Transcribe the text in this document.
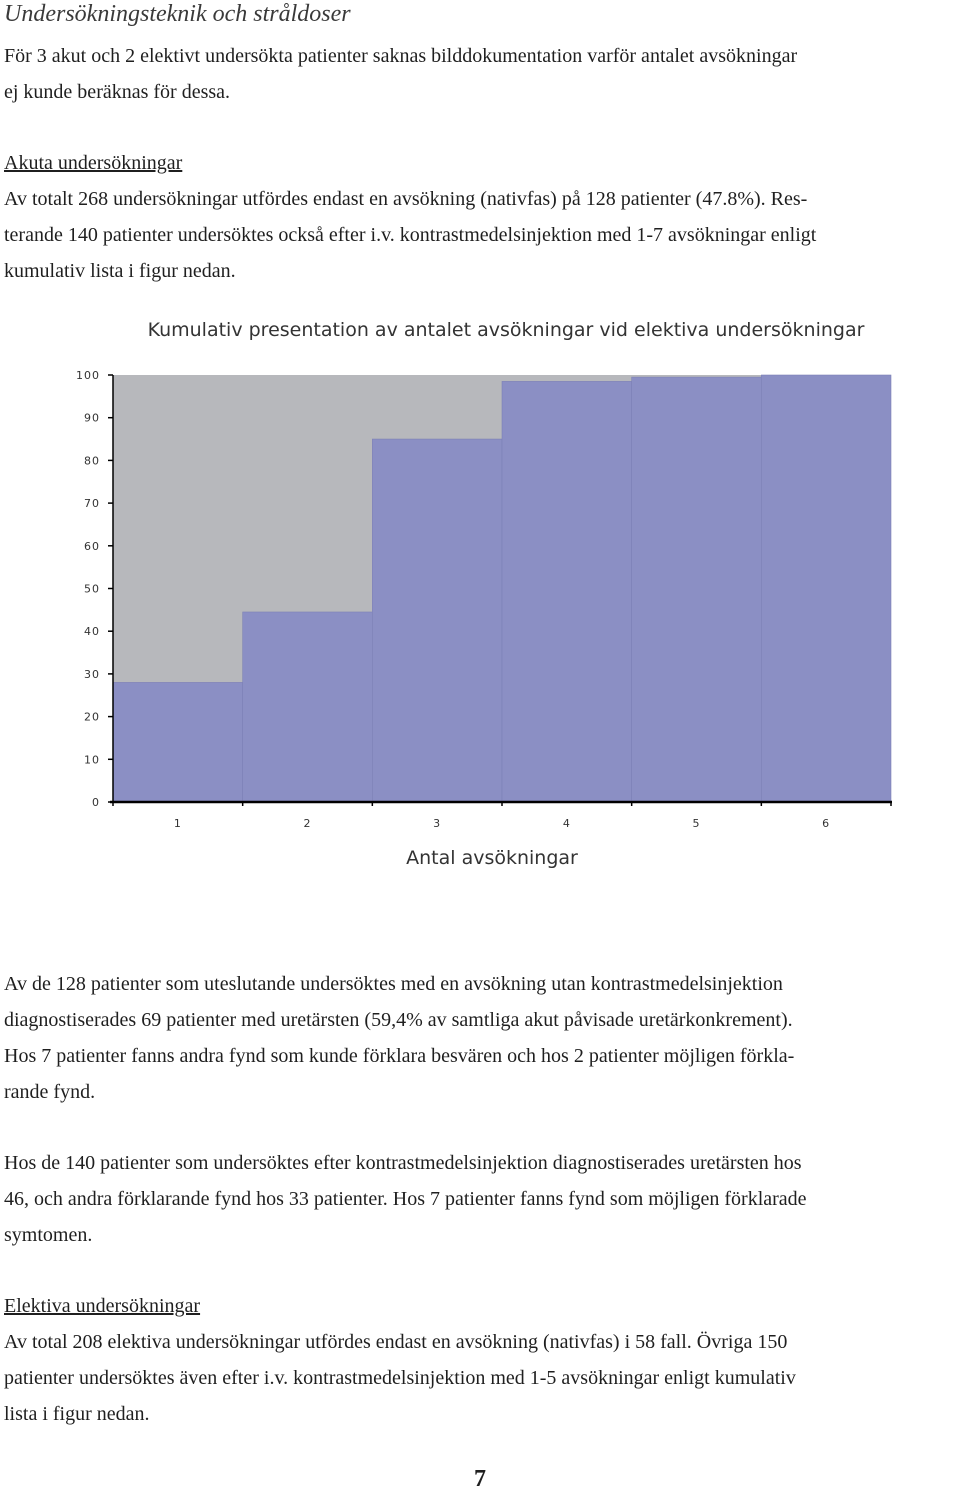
Undersökningsteknik och stråldoser

För 3 akut och 2 elektivt undersökta patienter saknas bilddokumentation varför antalet avsökningar
ej kunde beräknas för dessa.

Akuta undersökningar
Av totalt 268 undersökningar utfördes endast en avsökning (nativfas) på 128 patienter (47.8%). Res-
terande 140 patienter undersöktes också efter i.v. kontrastmedelsinjektion med 1-7 avsökningar enligt
kumulativ lista i figur nedan.
Kumulativ presentation av antalet avsökningar vid elektiva undersökningar
0
10
20
30
40
50
60
70
80
90
100
1	2	3	4	5	6
Antal avsökningar
Av de 128 patienter som uteslutande undersöktes med en avsökning utan kontrastmedelsinjektion
diagnostiserades 69 patienter med uretärsten (59,4% av samtliga akut påvisade uretärkonkrement).
Hos 7 patienter fanns andra fynd som kunde förklara besvären och hos 2 patienter möjligen förkla-
rande fynd.
Hos de 140 patienter som undersöktes efter kontrastmedelsinjektion diagnostiserades uretärsten hos
46, och andra förklarande fynd hos 33 patienter. Hos 7 patienter fanns fynd som möjligen förklarade
symtomen.
Elektiva undersökningar
Av total 208 elektiva undersökningar utfördes endast en avsökning (nativfas) i 58 fall. Övriga 150
patienter undersöktes även efter i.v. kontrastmedelsinjektion med 1-5 avsökningar enligt kumulativ
lista i figur nedan.
7
